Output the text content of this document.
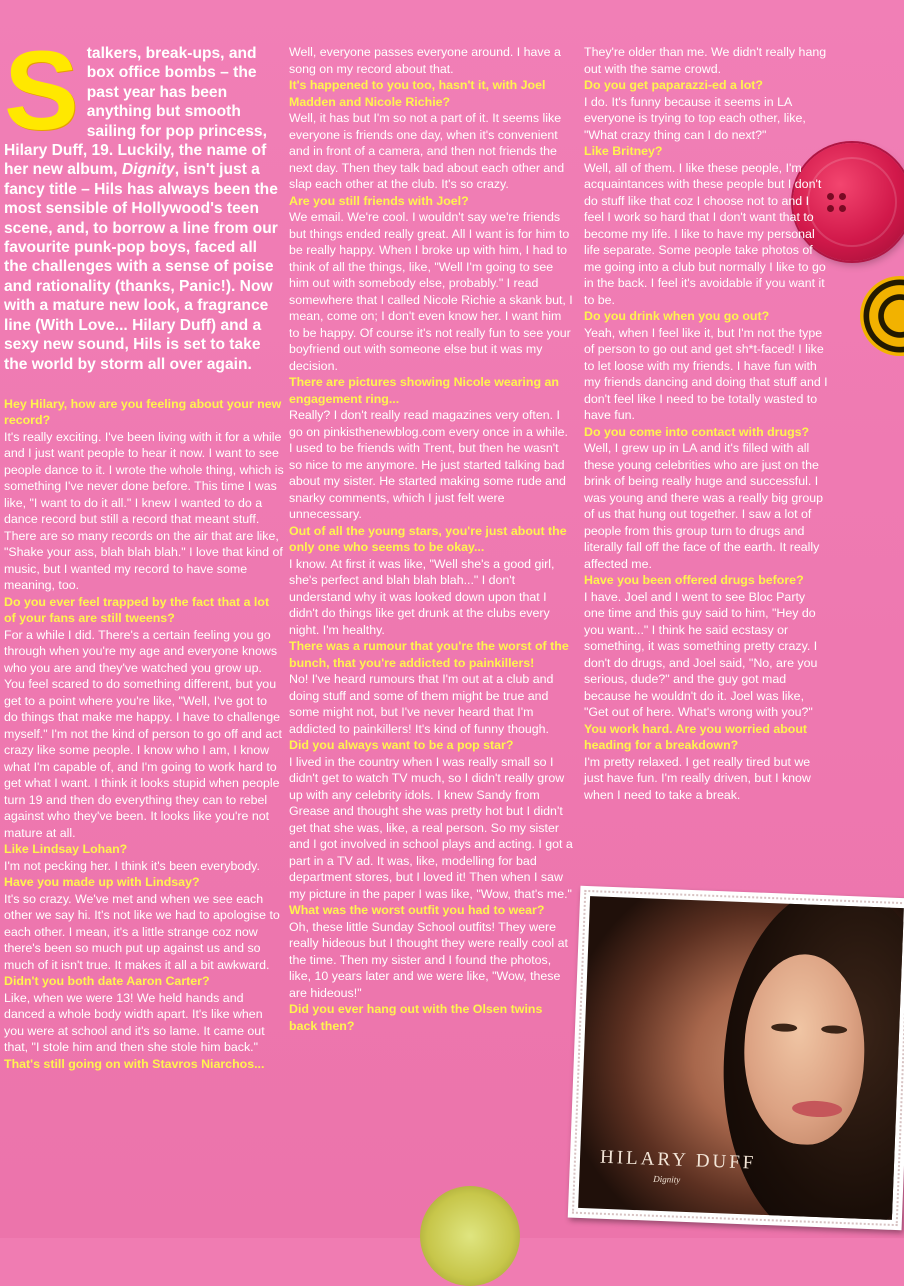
S talkers, break-ups, and box office bombs – the past year has been anything but smooth sailing for pop princess, Hilary Duff, 19. Luckily, the name of her new album, Dignity, isn't just a fancy title – Hils has always been the most sensible of Hollywood's teen scene, and, to borrow a line from our favourite punk-pop boys, faced all the challenges with a sense of poise and rationality (thanks, Panic!). Now with a mature new look, a fragrance line (With Love... Hilary Duff) and a sexy new sound, Hils is set to take the world by storm all over again.

Hey Hilary, how are you feeling about your new record?

It's really exciting. I've been living with it for a while and I just want people to hear it now. I want to see people dance to it. I wrote the whole thing, which is something I've never done before. This time I was like, "I want to do it all." I knew I wanted to do a dance record but still a record that meant stuff. There are so many records on the air that are like, "Shake your ass, blah blah blah." I love that kind of music, but I wanted my record to have some meaning, too.

Do you ever feel trapped by the fact that a lot of your fans are still tweens?

For a while I did. There's a certain feeling you go through when you're my age and everyone knows who you are and they've watched you grow up. You feel scared to do something different, but you get to a point where you're like, "Well, I've got to do things that make me happy. I have to challenge myself." I'm not the kind of person to go off and act crazy like some people. I know who I am, I know what I'm capable of, and I'm going to work hard to get what I want. I think it looks stupid when people turn 19 and then do everything they can to rebel against who they've been. It looks like you're not mature at all.

Like Lindsay Lohan?

I'm not pecking her. I think it's been everybody.

Have you made up with Lindsay?

It's so crazy. We've met and when we see each other we say hi. It's not like we had to apologise to each other. I mean, it's a little strange coz now there's been so much put up against us and so much of it isn't true. It makes it all a bit awkward.

Didn't you both date Aaron Carter?

Like, when we were 13! We held hands and danced a whole body width apart. It's like when you were at school and it's so lame. It came out that, "I stole him and then she stole him back."

That's still going on with Stavros Niarchos...

Well, everyone passes everyone around. I have a song on my record about that.

It's happened to you too, hasn't it, with Joel Madden and Nicole Richie?

Well, it has but I'm so not a part of it. It seems like everyone is friends one day, when it's convenient and in front of a camera, and then not friends the next day. Then they talk bad about each other and slap each other at the club. It's so crazy.

Are you still friends with Joel?

We email. We're cool. I wouldn't say we're friends but things ended really great. All I want is for him to be really happy. When I broke up with him, I had to think of all the things, like, "Well I'm going to see him out with somebody else, probably." I read somewhere that I called Nicole Richie a skank but, I mean, come on; I don't even know her. I want him to be happy. Of course it's not really fun to see your boyfriend out with someone else but it was my decision.

There are pictures showing Nicole wearing an engagement ring...

Really? I don't really read magazines very often. I go on pinkisthenewblog.com every once in a while. I used to be friends with Trent, but then he wasn't so nice to me anymore. He just started talking bad about my sister. He started making some rude and snarky comments, which I just felt were unnecessary.

Out of all the young stars, you're just about the only one who seems to be okay...

I know. At first it was like, "Well she's a good girl, she's perfect and blah blah blah..." I don't understand why it was looked down upon that I didn't do things like get drunk at the clubs every night. I'm healthy.

There was a rumour that you're the worst of the bunch, that you're addicted to painkillers!

No! I've heard rumours that I'm out at a club and doing stuff and some of them might be true and some might not, but I've never heard that I'm addicted to painkillers! It's kind of funny though.

Did you always want to be a pop star?

I lived in the country when I was really small so I didn't get to watch TV much, so I didn't really grow up with any celebrity idols. I knew Sandy from Grease and thought she was pretty hot but I didn't get that she was, like, a real person. So my sister and I got involved in school plays and acting. I got a part in a TV ad. It was, like, modelling for bad department stores, but I loved it! Then when I saw my picture in the paper I was like, "Wow, that's me."

What was the worst outfit you had to wear?

Oh, these little Sunday School outfits! They were really hideous but I thought they were really cool at the time. Then my sister and I found the photos, like, 10 years later and we were like, "Wow, these are hideous!"

Did you ever hang out with the Olsen twins back then?

They're older than me. We didn't really hang out with the same crowd.

Do you get paparazzi-ed a lot?

I do. It's funny because it seems in LA everyone is trying to top each other, like, "What crazy thing can I do next?"

Like Britney?

Well, all of them. I like these people, I'm acquaintances with these people but I don't do stuff like that coz I choose not to and I feel I work so hard that I don't want that to become my life. I like to have my personal life separate. Some people take photos of me going into a club but normally I like to go in the back. I feel it's avoidable if you want it to be.

Do you drink when you go out?

Yeah, when I feel like it, but I'm not the type of person to go out and get sh*t-faced! I like to let loose with my friends. I have fun with my friends dancing and doing that stuff and I don't feel like I need to be totally wasted to have fun.

Do you come into contact with drugs?

Well, I grew up in LA and it's filled with all these young celebrities who are just on the brink of being really huge and successful. I was young and there was a really big group of us that hung out together. I saw a lot of people from this group turn to drugs and literally fall off the face of the earth. It really affected me.

Have you been offered drugs before?

I have. Joel and I went to see Bloc Party one time and this guy said to him, "Hey do you want..." I think he said ecstasy or something, it was something pretty crazy. I don't do drugs, and Joel said, "No, are you serious, dude?" and the guy got mad because he wouldn't do it. Joel was like, "Get out of here. What's wrong with you?"

You work hard. Are you worried about heading for a breakdown?

I'm pretty relaxed. I get really tired but we just have fun. I'm really driven, but I know when I need to take a break.

HILARY DUFF
Dignity
